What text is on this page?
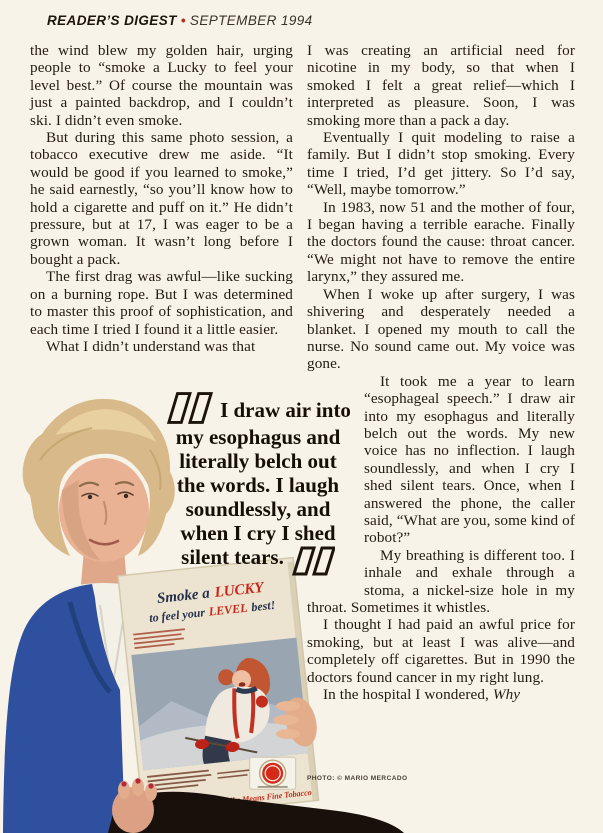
READER’S DIGEST • SEPTEMBER 1994

the wind blew my golden hair, urging people to “smoke a Lucky to feel your level best.” Of course the mountain was just a painted backdrop, and I couldn’t ski. I didn’t even smoke.

But during this same photo session, a tobacco executive drew me aside. “It would be good if you learned to smoke,” he said earnestly, “so you’ll know how to hold a cigarette and puff on it.” He didn’t pressure, but at 17, I was eager to be a grown woman. It wasn’t long before I bought a pack.

The first drag was awful—like sucking on a burning rope. But I was determined to master this proof of sophistication, and each time I tried I found it a little easier.

What I didn’t understand was that

I was creating an artificial need for nicotine in my body, so that when I smoked I felt a great relief—which I interpreted as pleasure. Soon, I was smoking more than a pack a day.

Eventually I quit modeling to raise a family. But I didn’t stop smoking. Every time I tried, I’d get jittery. So I’d say, “Well, maybe tomorrow.”

In 1983, now 51 and the mother of four, I began having a terrible earache. Finally the doctors found the cause: throat cancer. “We might not have to remove the entire larynx,” they assured me.

When I woke up after surgery, I was shivering and desperately needed a blanket. I opened my mouth to call the nurse. No sound came out. My voice was gone.

It took me a year to learn “esophageal speech.” I draw air into my esophagus and literally belch out the words. My new voice has no inflection. I laugh soundlessly, and when I cry I shed silent tears. Once, when I answered the phone, the caller said, “What are you, some kind of robot?”

My breathing is different too. I inhale and exhale through a stoma, a nickel-size hole in my throat. Sometimes it whistles.

I thought I had paid an awful price for smoking, but at least I was alive—and completely off cigarettes. But in 1990 the doctors found cancer in my right lung.

In the hospital I wondered, Why

Smoke a LUCKY
to feel your LEVEL best!
I draw air into
my esophagus and
literally belch out
the words. I laugh
soundlessly, and
when I cry I shed
silent tears.
PHOTO: © MARIO MERCADO
